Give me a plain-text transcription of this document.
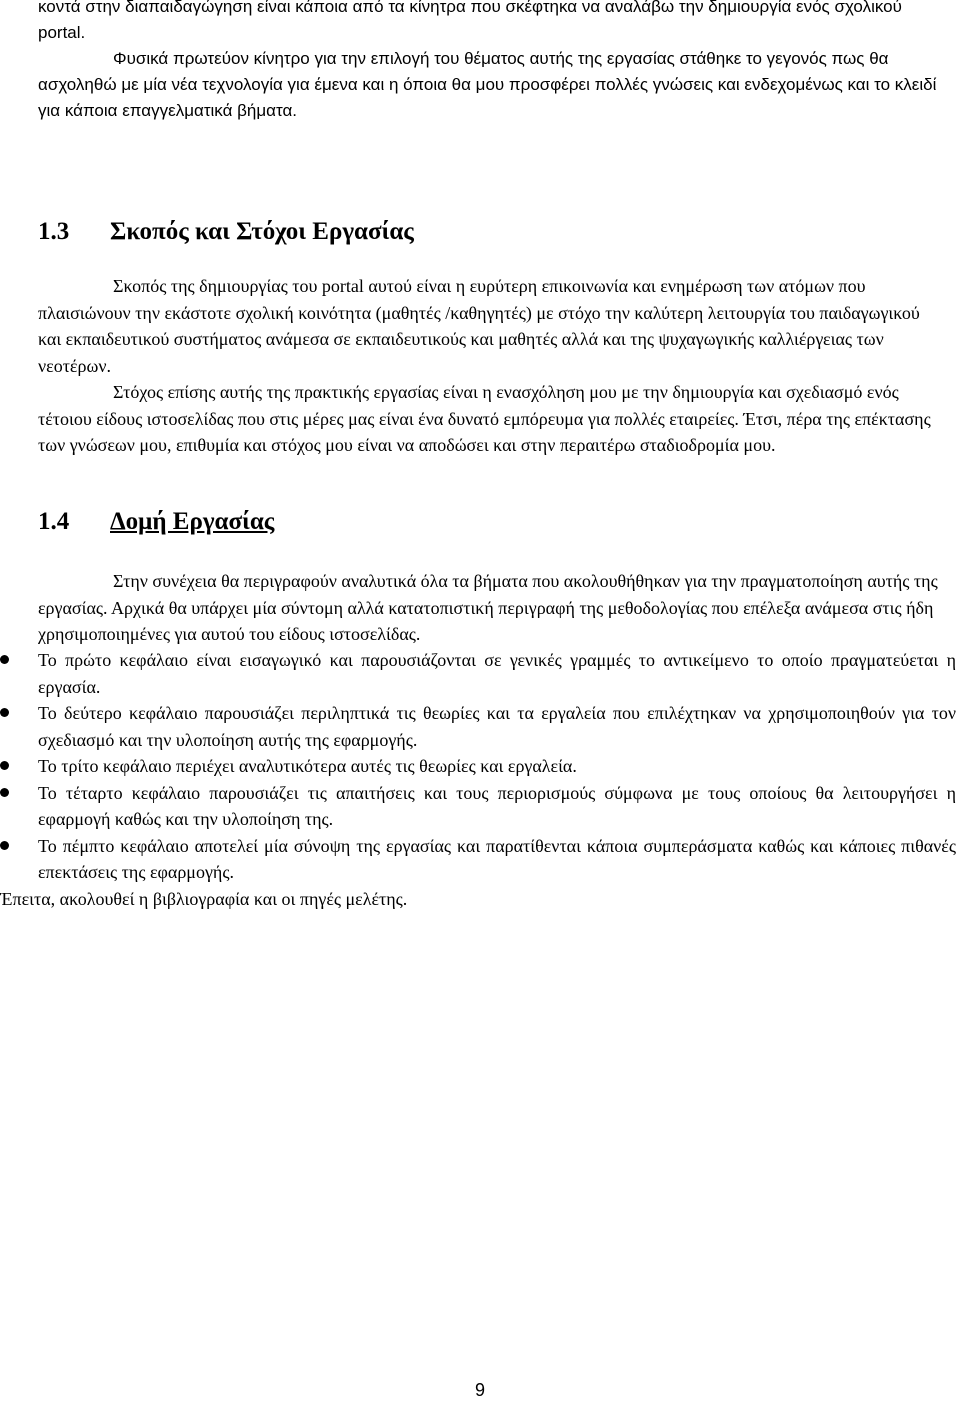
κοντά στην διαπαιδαγώγηση είναι κάποια από τα κίνητρα που σκέφτηκα να αναλάβω την δημιουργία ενός σχολικού portal.

Φυσικά πρωτεύον κίνητρο για την επιλογή του θέματος αυτής της εργασίας στάθηκε το γεγονός πως θα ασχοληθώ με μία νέα τεχνολογία για έμενα και η όποια θα μου προσφέρει πολλές γνώσεις και ενδεχομένως και το κλειδί για κάποια επαγγελματικά βήματα.

1.3 Σκοπός και Στόχοι Εργασίας

Σκοπός της δημιουργίας του portal αυτού είναι η ευρύτερη επικοινωνία και ενημέρωση των ατόμων που πλαισιώνουν την εκάστοτε σχολική κοινότητα (μαθητές /καθηγητές) με στόχο την καλύτερη λειτουργία του παιδαγωγικού και εκπαιδευτικού συστήματος ανάμεσα σε εκπαιδευτικούς και μαθητές αλλά και της ψυχαγωγικής καλλιέργειας των νεοτέρων.

Στόχος επίσης αυτής της πρακτικής εργασίας είναι η ενασχόληση μου με την δημιουργία και σχεδιασμό ενός τέτοιου είδους ιστοσελίδας που στις μέρες μας είναι ένα δυνατό εμπόρευμα για πολλές εταιρείες. Έτσι, πέρα της επέκτασης των γνώσεων μου, επιθυμία και στόχος μου είναι να αποδώσει και στην περαιτέρω σταδιοδρομία μου.

1.4 Δομή Εργασίας

Στην συνέχεια θα περιγραφούν αναλυτικά όλα τα βήματα που ακολουθήθηκαν για την πραγματοποίηση αυτής της εργασίας. Αρχικά θα υπάρχει μία σύντομη αλλά κατατοπιστική περιγραφή της μεθοδολογίας που επέλεξα ανάμεσα στις ήδη χρησιμοποιημένες για αυτού του είδους ιστοσελίδας.

Το πρώτο κεφάλαιο είναι εισαγωγικό και παρουσιάζονται σε γενικές γραμμές το αντικείμενο το οποίο πραγματεύεται η εργασία.
Το δεύτερο κεφάλαιο παρουσιάζει περιληπτικά τις θεωρίες και τα εργαλεία που επιλέχτηκαν να χρησιμοποιηθούν για τον σχεδιασμό και την υλοποίηση αυτής της εφαρμογής.
Το τρίτο κεφάλαιο περιέχει αναλυτικότερα αυτές τις θεωρίες και εργαλεία.
Το τέταρτο κεφάλαιο παρουσιάζει τις απαιτήσεις και τους περιορισμούς σύμφωνα με τους οποίους θα λειτουργήσει η εφαρμογή καθώς και την υλοποίηση της.
Το πέμπτο κεφάλαιο αποτελεί μία σύνοψη της εργασίας και παρατίθενται κάποια συμπεράσματα καθώς και κάποιες πιθανές επεκτάσεις της εφαρμογής.

Έπειτα, ακολουθεί η βιβλιογραφία και οι πηγές μελέτης.

9
